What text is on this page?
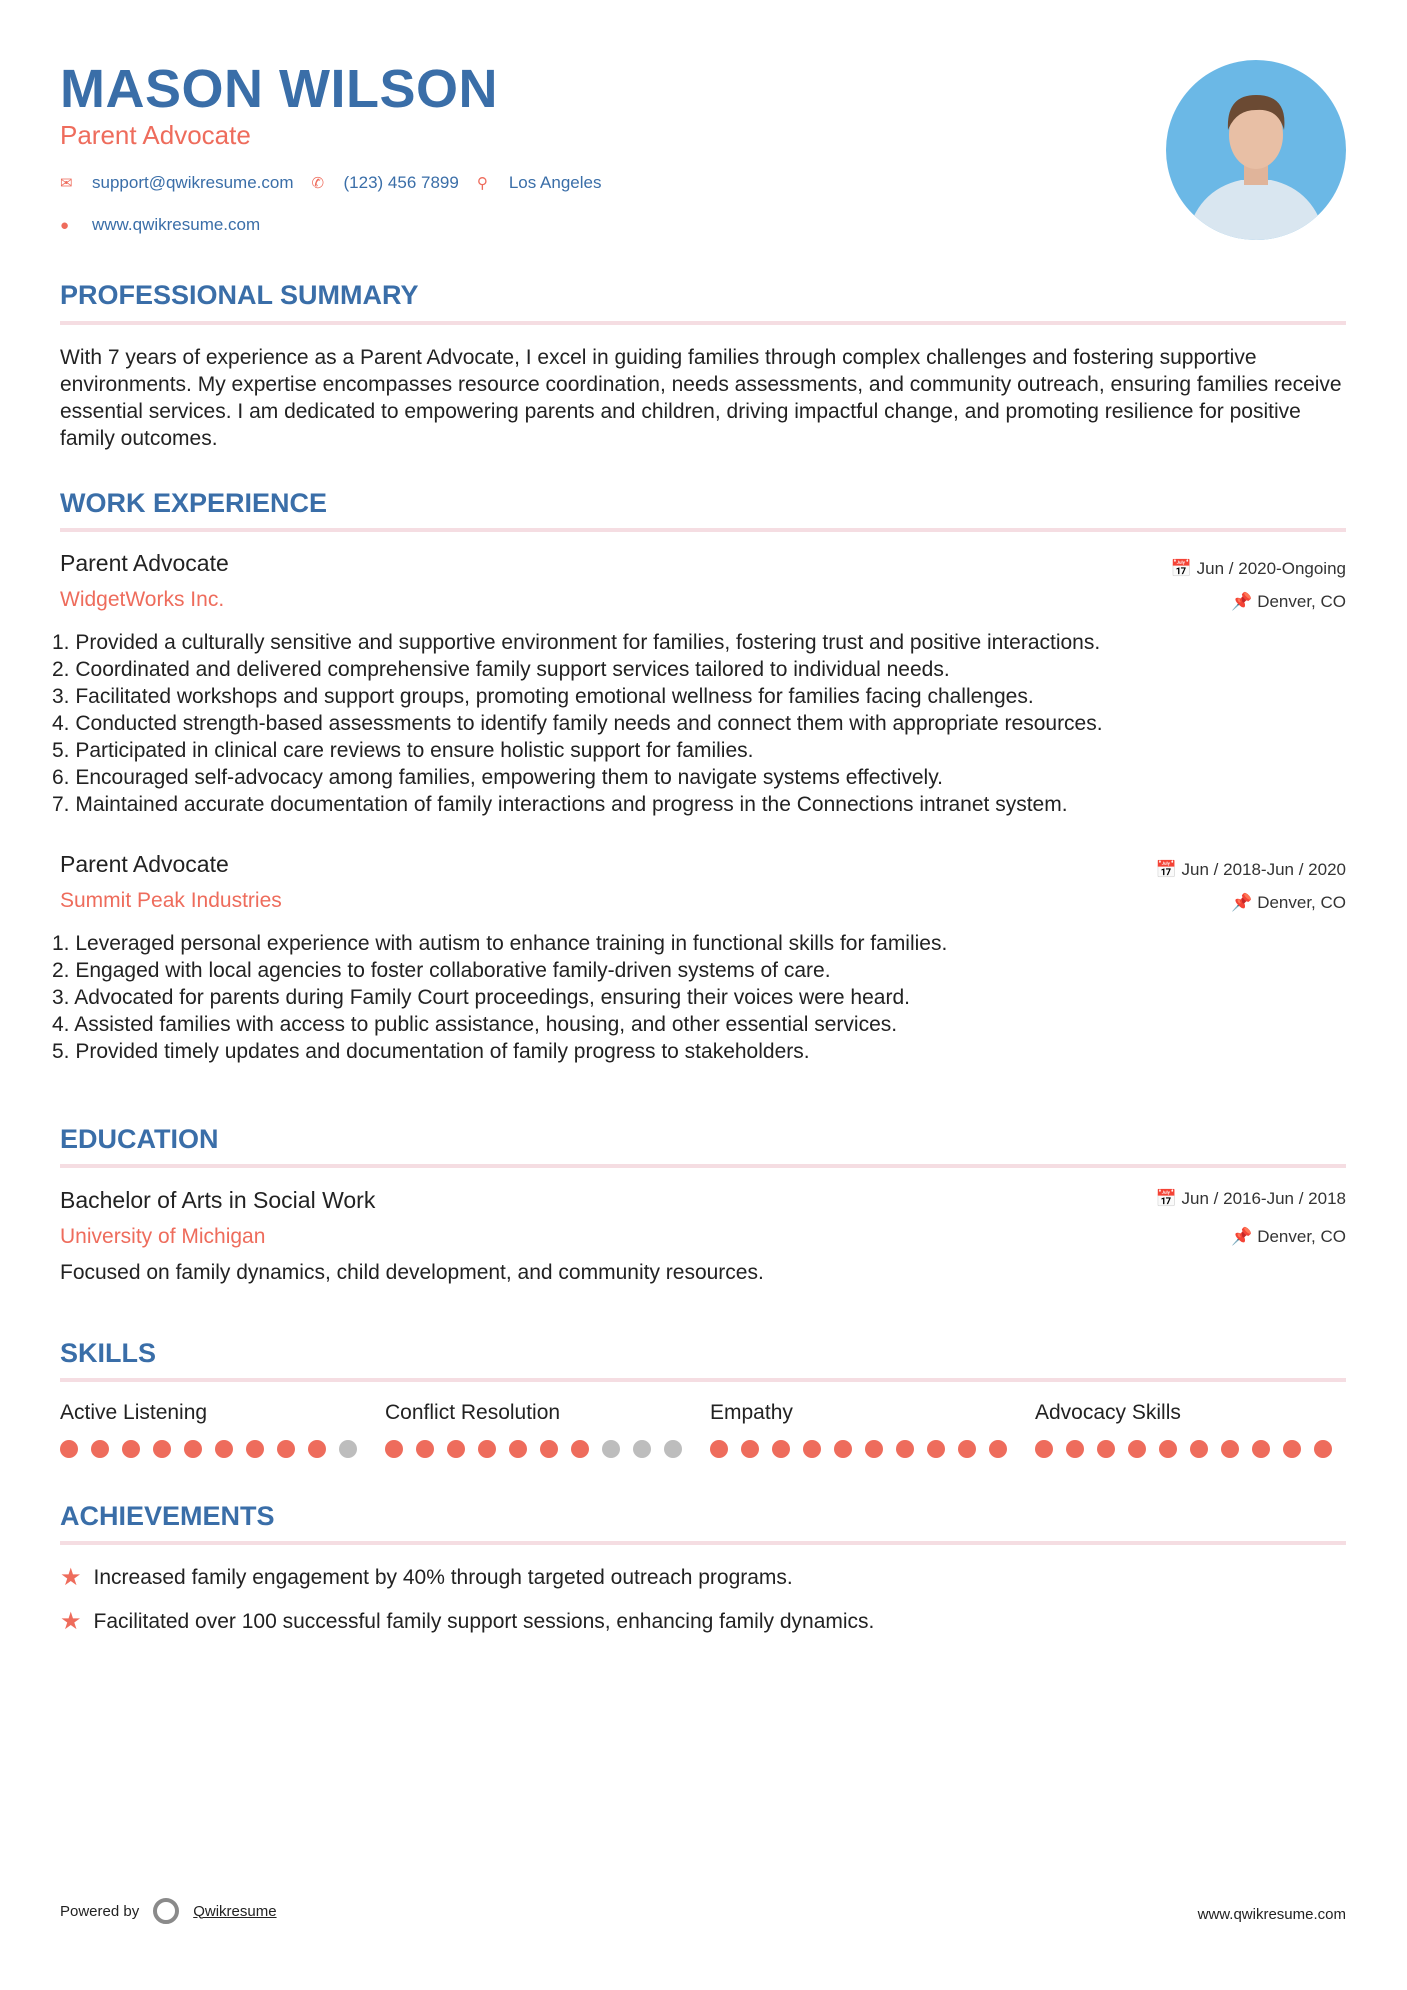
MASON WILSON
Parent Advocate
✉	support@qwikresume.com ✆	(123) 456 7899 ⚲	Los Angeles
●	www.qwikresume.com
PROFESSIONAL SUMMARY
With 7 years of experience as a Parent Advocate, I excel in guiding families through complex challenges and fostering supportive environments. My expertise encompasses resource coordination, needs assessments, and community outreach, ensuring families receive essential services. I am dedicated to empowering parents and children, driving impactful change, and promoting resilience for positive family outcomes.
WORK EXPERIENCE
Parent Advocate
WidgetWorks Inc.
📅 Jun / 2020-Ongoing
📌 Denver, CO
1. Provided a culturally sensitive and supportive environment for families, fostering trust and positive interactions.
2. Coordinated and delivered comprehensive family support services tailored to individual needs.
3. Facilitated workshops and support groups, promoting emotional wellness for families facing challenges.
4. Conducted strength-based assessments to identify family needs and connect them with appropriate resources.
5. Participated in clinical care reviews to ensure holistic support for families.
6. Encouraged self-advocacy among families, empowering them to navigate systems effectively.
7. Maintained accurate documentation of family interactions and progress in the Connections intranet system.
Parent Advocate
Summit Peak Industries
📅 Jun / 2018-Jun / 2020
📌 Denver, CO
1. Leveraged personal experience with autism to enhance training in functional skills for families.
2. Engaged with local agencies to foster collaborative family-driven systems of care.
3. Advocated for parents during Family Court proceedings, ensuring their voices were heard.
4. Assisted families with access to public assistance, housing, and other essential services.
5. Provided timely updates and documentation of family progress to stakeholders.
EDUCATION
Bachelor of Arts in Social Work
University of Michigan
📅 Jun / 2016-Jun / 2018
📌 Denver, CO
Focused on family dynamics, child development, and community resources.
SKILLS
Active Listening	Conflict Resolution	Empathy	Advocacy Skills
ACHIEVEMENTS
★ Increased family engagement by 40% through targeted outreach programs.
★ Facilitated over 100 successful family support sessions, enhancing family dynamics.
Powered by	Qwikresume	www.qwikresume.com
